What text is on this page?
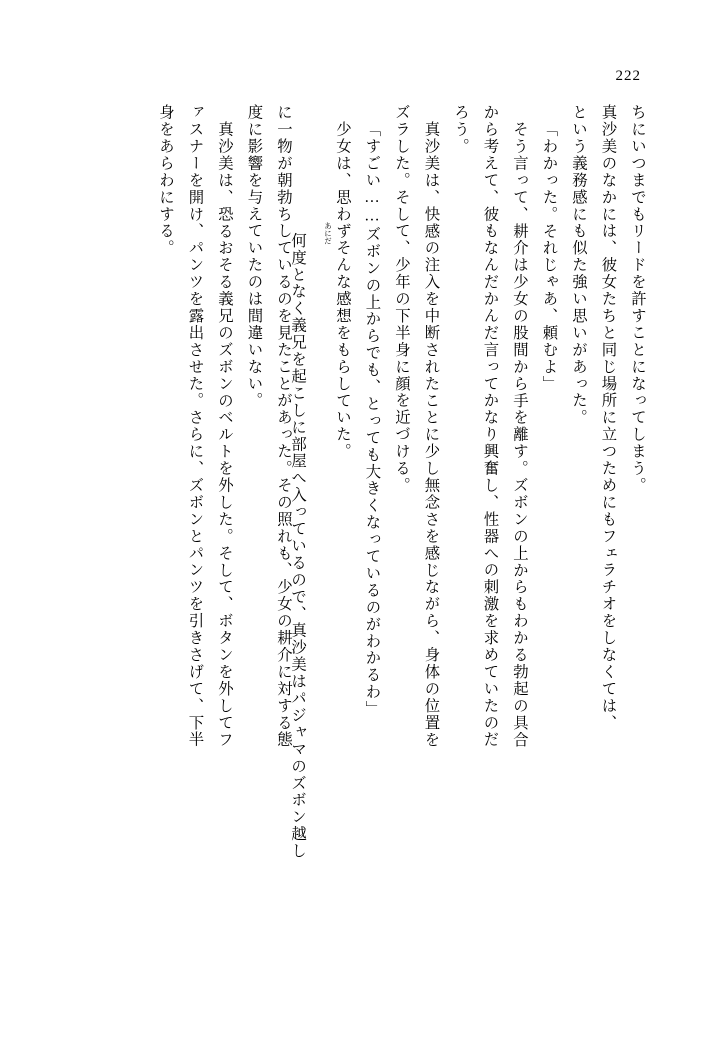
222
ちにいつまでもリードを許すことになってしまう。
真沙美のなかには、彼女たちと同じ場所に立つためにもフェラチオをしなくては、
という義務感にも似た強い思いがあった。
「わかった。それじゃあ、頼むよ」
そう言って、耕介は少女の股間から手を離す。ズボンの上からもわかる勃起の具合
から考えて、彼もなんだかんだ言ってかなり興奮し、性器への刺激を求めていたのだ
ろう。
真沙美は、快感の注入を中断されたことに少し無念さを感じながら、身体の位置を
ズラした。そして、少年の下半身に顔を近づける。
「すごい……ズボンの上からでも、とっても大きくなっているのがわかるわ」
少女は、思わずそんな感想をもらしていた。

何度となく義兄を起こしに部屋へ入っているので、真沙美はパジャマのズボン越し
あにだ

に一物が朝勃ちしているのを見たことがあった。その照れも、少女の耕介に対する態
度に影響を与えていたのは間違いない。
真沙美は、恐るおそる義兄のズボンのベルトを外した。そして、ボタンを外してフ
ァスナーを開け、パンツを露出させた。さらに、ズボンとパンツを引きさげて、下半
身をあらわにする。
